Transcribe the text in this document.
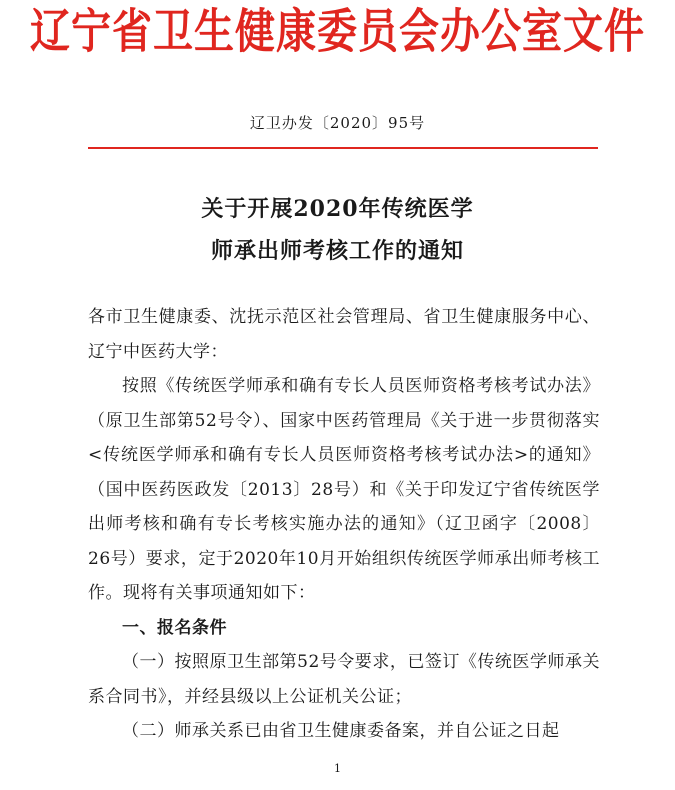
辽宁省卫生健康委员会办公室文件
辽卫办发〔2020〕95号
关于开展2020年传统医学
师承出师考核工作的通知

各市卫生健康委、沈抚示范区社会管理局、省卫生健康服务中心、辽宁中医药大学：

按照《传统医学师承和确有专长人员医师资格考核考试办法》（原卫生部第52号令）、国家中医药管理局《关于进一步贯彻落实<传统医学师承和确有专长人员医师资格考核考试办法>的通知》（国中医药医政发〔2013〕28号）和《关于印发辽宁省传统医学出师考核和确有专长考核实施办法的通知》（辽卫函字〔2008〕26号）要求，定于2020年10月开始组织传统医学师承出师考核工作。现将有关事项通知如下：

一、报名条件

（一）按照原卫生部第52号令要求，已签订《传统医学师承关系合同书》，并经县级以上公证机关公证；

（二）师承关系已由省卫生健康委备案，并自公证之日起

1
